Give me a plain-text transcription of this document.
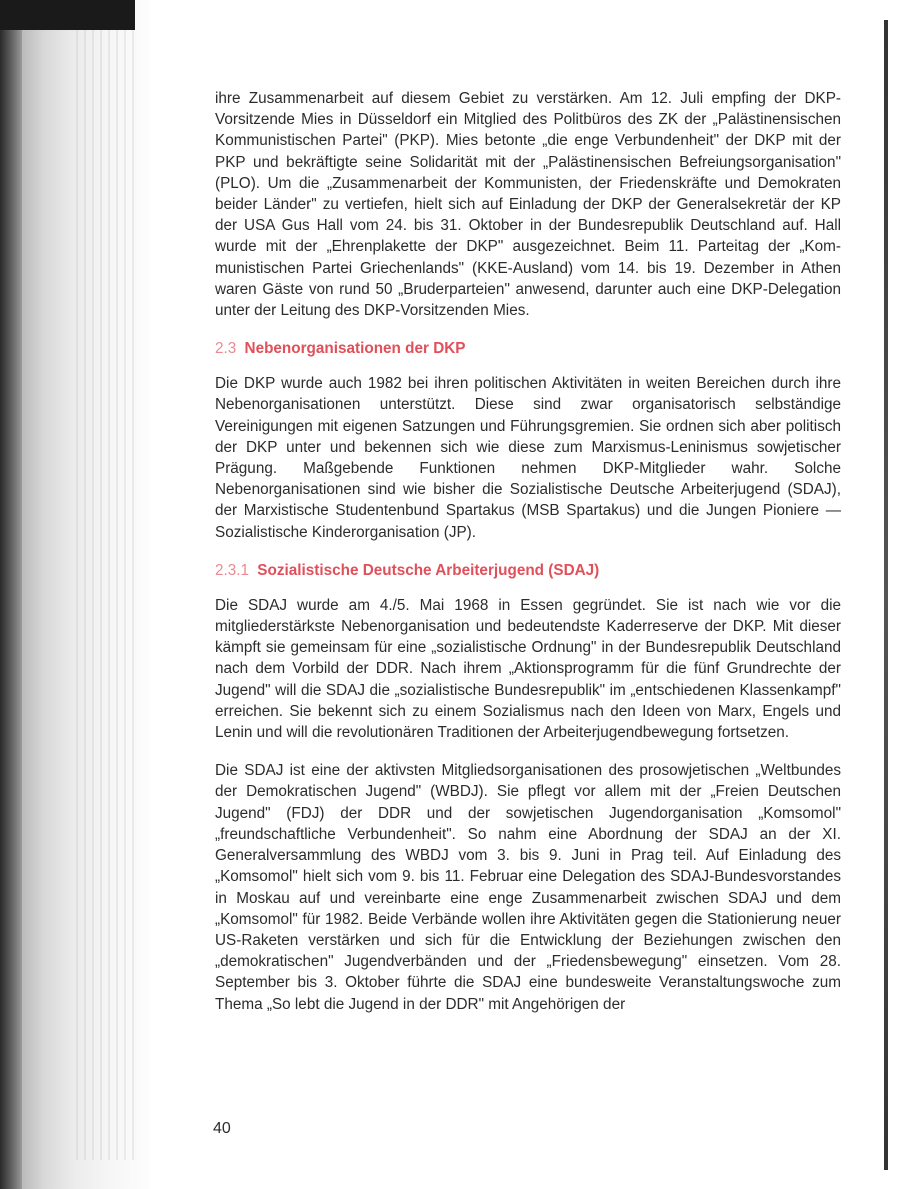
ihre Zusammenarbeit auf diesem Gebiet zu verstärken. Am 12. Juli empfing der DKP-Vorsitzende Mies in Düsseldorf ein Mitglied des Politbüros des ZK der „Palästinensischen Kommunistischen Partei" (PKP). Mies betonte „die enge Verbundenheit" der DKP mit der PKP und bekräftigte seine Solidarität mit der „Palästinensischen Befreiungsorganisation" (PLO). Um die „Zusammenarbeit der Kommunisten, der Friedenskräfte und Demokraten beider Länder" zu vertiefen, hielt sich auf Einladung der DKP der Generalsekretär der KP der USA Gus Hall vom 24. bis 31. Oktober in der Bundesrepublik Deutschland auf. Hall wurde mit der „Ehrenplakette der DKP" ausgezeichnet. Beim 11. Parteitag der „Kommunistischen Partei Griechenlands" (KKE-Ausland) vom 14. bis 19. Dezember in Athen waren Gäste von rund 50 „Bruderparteien" anwesend, darunter auch eine DKP-Delegation unter der Leitung des DKP-Vorsitzenden Mies.

2.3 Nebenorganisationen der DKP

Die DKP wurde auch 1982 bei ihren politischen Aktivitäten in weiten Bereichen durch ihre Nebenorganisationen unterstützt. Diese sind zwar organisatorisch selbständige Vereinigungen mit eigenen Satzungen und Führungsgremien. Sie ordnen sich aber politisch der DKP unter und bekennen sich wie diese zum Marxismus-Leninismus sowjetischer Prägung. Maßgebende Funktionen nehmen DKP-Mitglieder wahr. Solche Nebenorganisationen sind wie bisher die Sozialistische Deutsche Arbeiterjugend (SDAJ), der Marxistische Studentenbund Spartakus (MSB Spartakus) und die Jungen Pioniere — Sozialistische Kinderorganisation (JP).

2.3.1 Sozialistische Deutsche Arbeiterjugend (SDAJ)

Die SDAJ wurde am 4./5. Mai 1968 in Essen gegründet. Sie ist nach wie vor die mitgliederstärkste Nebenorganisation und bedeutendste Kaderreserve der DKP. Mit dieser kämpft sie gemeinsam für eine „sozialistische Ordnung" in der Bundesrepublik Deutschland nach dem Vorbild der DDR. Nach ihrem „Aktionsprogramm für die fünf Grundrechte der Jugend" will die SDAJ die „sozialistische Bundesrepublik" im „entschiedenen Klassenkampf" erreichen. Sie bekennt sich zu einem Sozialismus nach den Ideen von Marx, Engels und Lenin und will die revolutionären Traditionen der Arbeiterjugendbewegung fortsetzen.

Die SDAJ ist eine der aktivsten Mitgliedsorganisationen des prosowjetischen „Weltbundes der Demokratischen Jugend" (WBDJ). Sie pflegt vor allem mit der „Freien Deutschen Jugend" (FDJ) der DDR und der sowjetischen Jugendorganisation „Komsomol" „freundschaftliche Verbundenheit". So nahm eine Abordnung der SDAJ an der XI. Generalversammlung des WBDJ vom 3. bis 9. Juni in Prag teil. Auf Einladung des „Komsomol" hielt sich vom 9. bis 11. Februar eine Delegation des SDAJ-Bundesvorstandes in Moskau auf und vereinbarte eine enge Zusammenarbeit zwischen SDAJ und dem „Komsomol" für 1982. Beide Verbände wollen ihre Aktivitäten gegen die Stationierung neuer US-Raketen verstärken und sich für die Entwicklung der Beziehungen zwischen den „demokratischen" Jugendverbänden und der „Friedensbewegung" einsetzen. Vom 28. September bis 3. Oktober führte die SDAJ eine bundesweite Veranstaltungswoche zum Thema „So lebt die Jugend in der DDR" mit Angehörigen der

40
